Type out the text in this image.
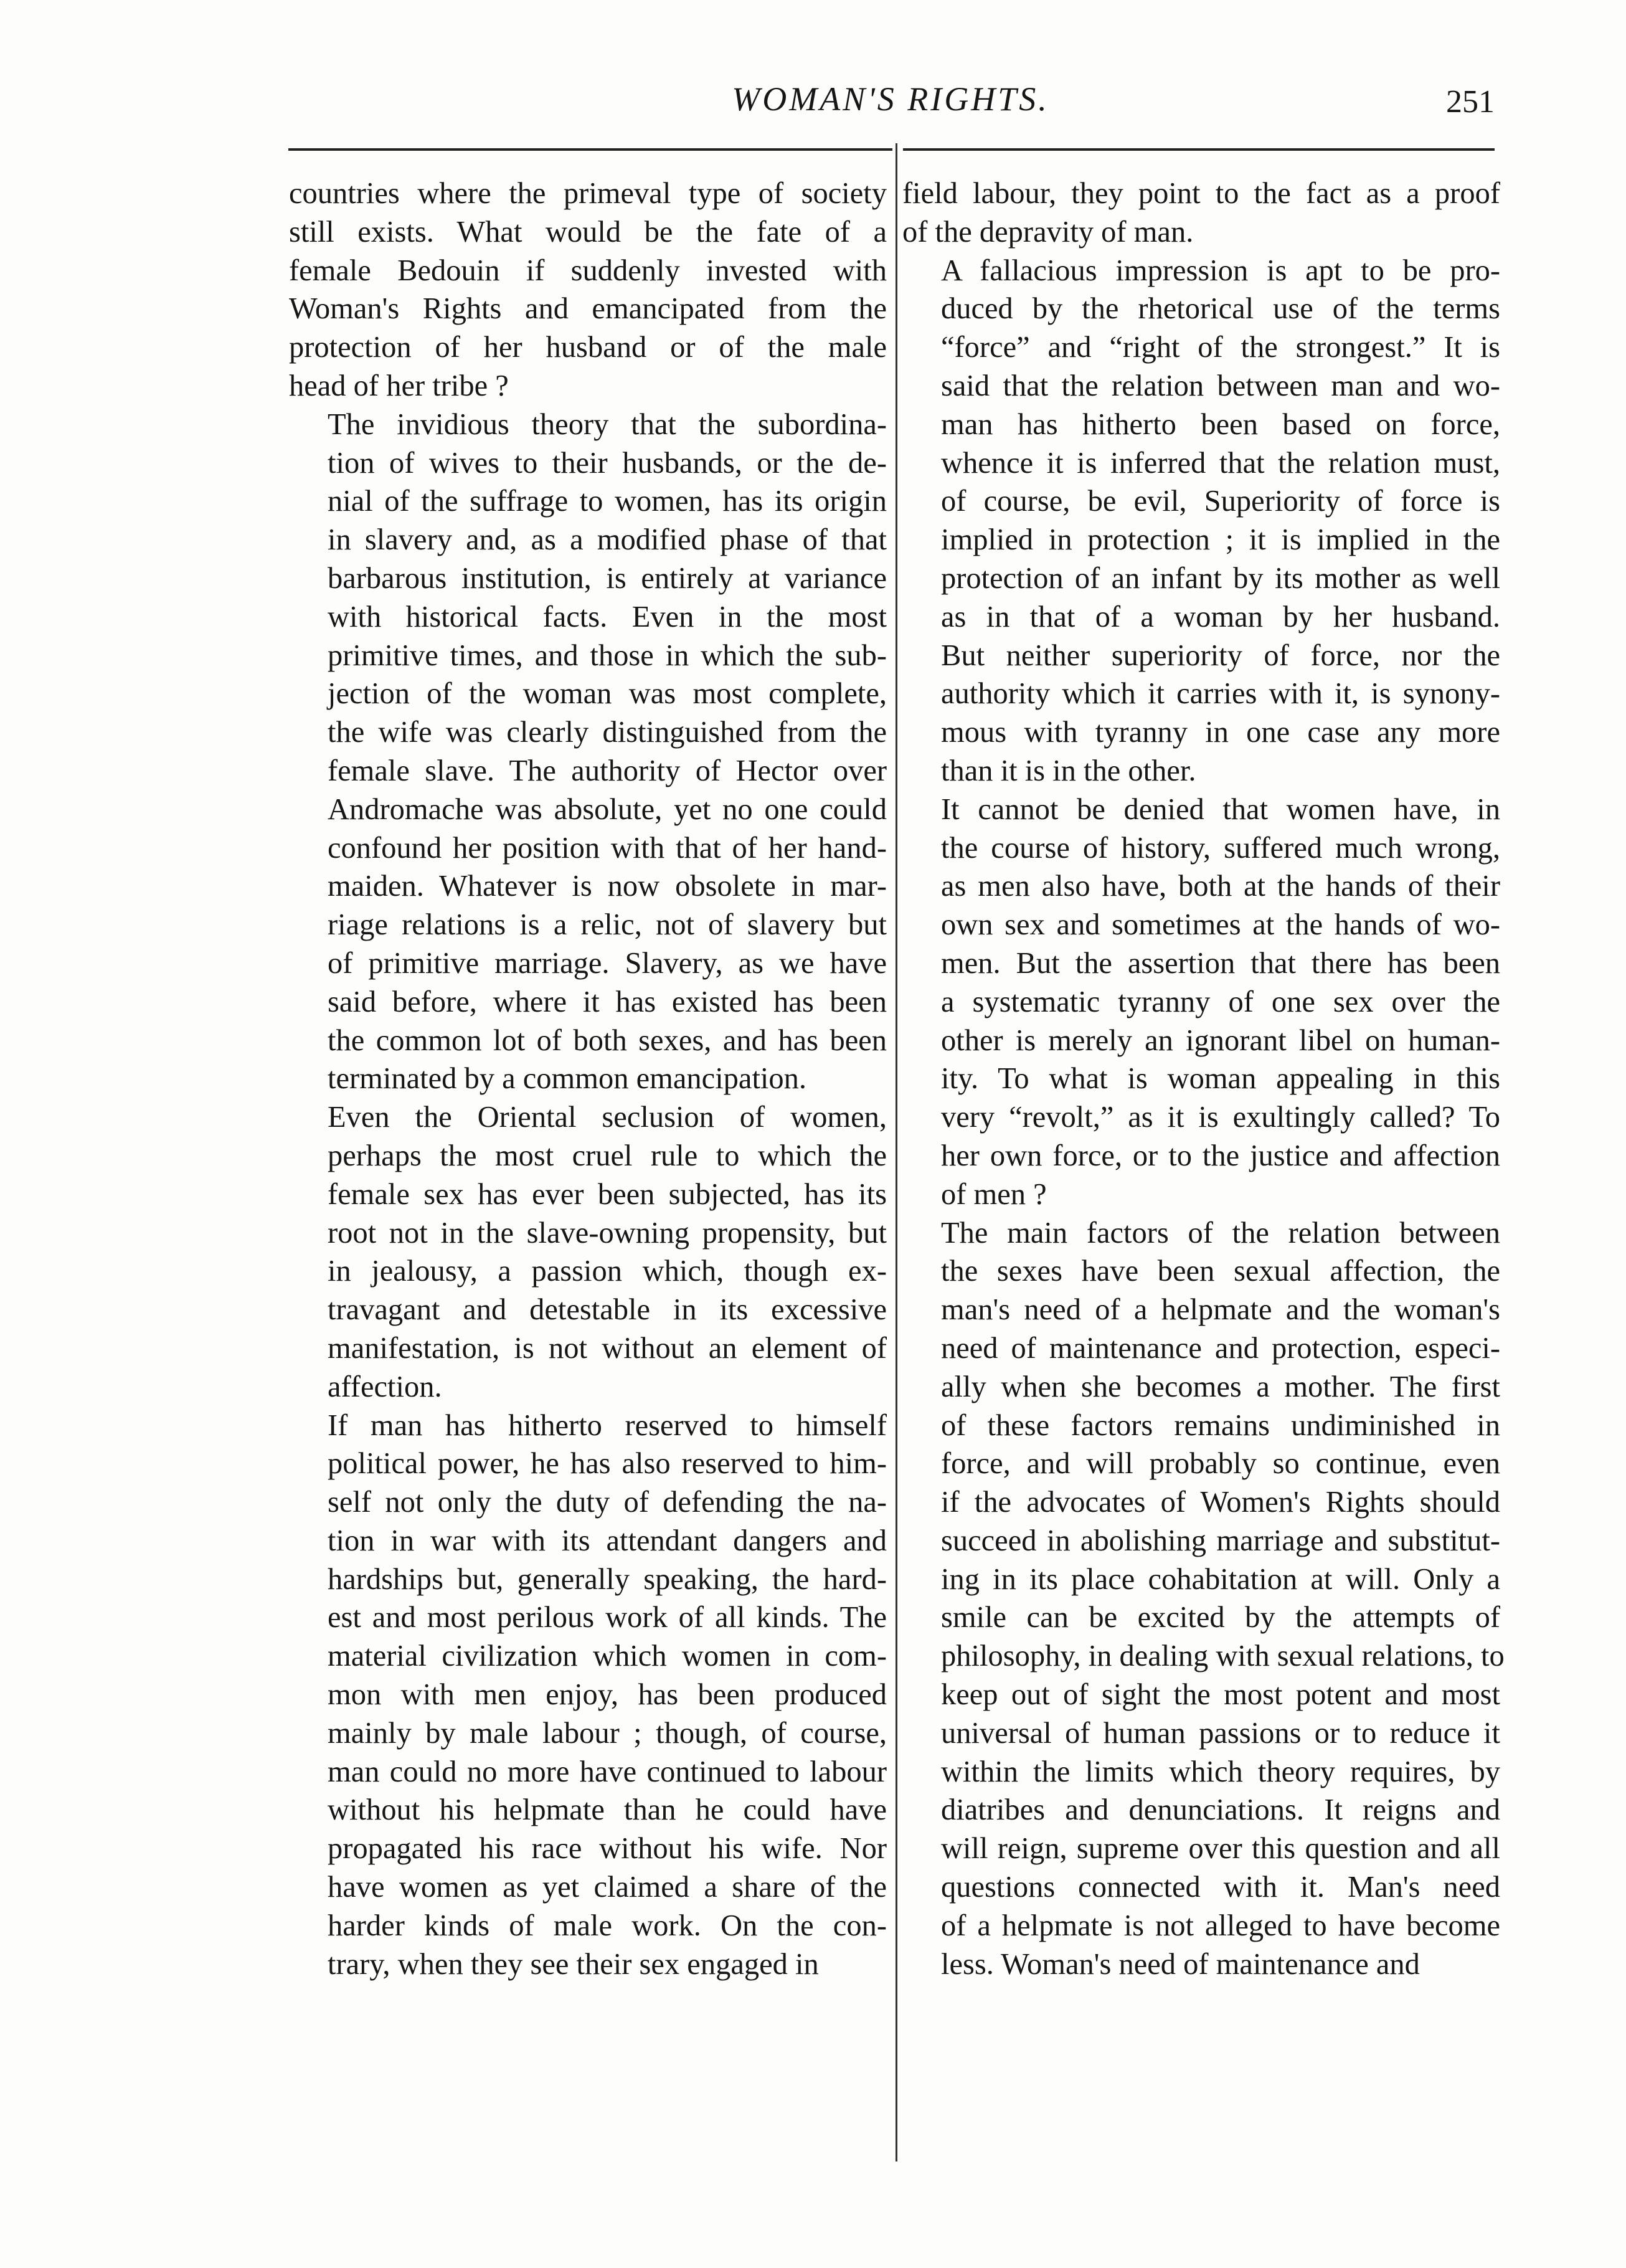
WOMAN'S RIGHTS.	251

countries where the primeval type of society
still exists. What would be the fate of a
female Bedouin if suddenly invested with
Woman's Rights and emancipated from the
protection of her husband or of the male
head of her tribe ?

The invidious theory that the subordina-
tion of wives to their husbands, or the de-
nial of the suffrage to women, has its origin
in slavery and, as a modified phase of that
barbarous institution, is entirely at variance
with historical facts. Even in the most
primitive times, and those in which the sub-
jection of the woman was most complete,
the wife was clearly distinguished from the
female slave. The authority of Hector over
Andromache was absolute, yet no one could
confound her position with that of her hand-
maiden. Whatever is now obsolete in mar-
riage relations is a relic, not of slavery but
of primitive marriage. Slavery, as we have
said before, where it has existed has been
the common lot of both sexes, and has been
terminated by a common emancipation.

Even the Oriental seclusion of women,
perhaps the most cruel rule to which the
female sex has ever been subjected, has its
root not in the slave-owning propensity, but
in jealousy, a passion which, though ex-
travagant and detestable in its excessive
manifestation, is not without an element of
affection.

If man has hitherto reserved to himself
political power, he has also reserved to him-
self not only the duty of defending the na-
tion in war with its attendant dangers and
hardships but, generally speaking, the hard-
est and most perilous work of all kinds. The
material civilization which women in com-
mon with men enjoy, has been produced
mainly by male labour ; though, of course,
man could no more have continued to labour
without his helpmate than he could have
propagated his race without his wife. Nor
have women as yet claimed a share of the
harder kinds of male work. On the con-
trary, when they see their sex engaged in

field labour, they point to the fact as a proof
of the depravity of man.

A fallacious impression is apt to be pro-
duced by the rhetorical use of the terms
“force” and “right of the strongest.” It is
said that the relation between man and wo-
man has hitherto been based on force,
whence it is inferred that the relation must,
of course, be evil, Superiority of force is
implied in protection ; it is implied in the
protection of an infant by its mother as well
as in that of a woman by her husband.
But neither superiority of force, nor the
authority which it carries with it, is synony-
mous with tyranny in one case any more
than it is in the other.

It cannot be denied that women have, in
the course of history, suffered much wrong,
as men also have, both at the hands of their
own sex and sometimes at the hands of wo-
men. But the assertion that there has been
a systematic tyranny of one sex over the
other is merely an ignorant libel on human-
ity. To what is woman appealing in this
very “revolt,” as it is exultingly called? To
her own force, or to the justice and affection
of men ?

The main factors of the relation between
the sexes have been sexual affection, the
man's need of a helpmate and the woman's
need of maintenance and protection, especi-
ally when she becomes a mother. The first
of these factors remains undiminished in
force, and will probably so continue, even
if the advocates of Women's Rights should
succeed in abolishing marriage and substitut-
ing in its place cohabitation at will. Only a
smile can be excited by the attempts of
philosophy, in dealing with sexual relations, to
keep out of sight the most potent and most
universal of human passions or to reduce it
within the limits which theory requires, by
diatribes and denunciations. It reigns and
will reign, supreme over this question and all
questions connected with it. Man's need
of a helpmate is not alleged to have become
less. Woman's need of maintenance and
